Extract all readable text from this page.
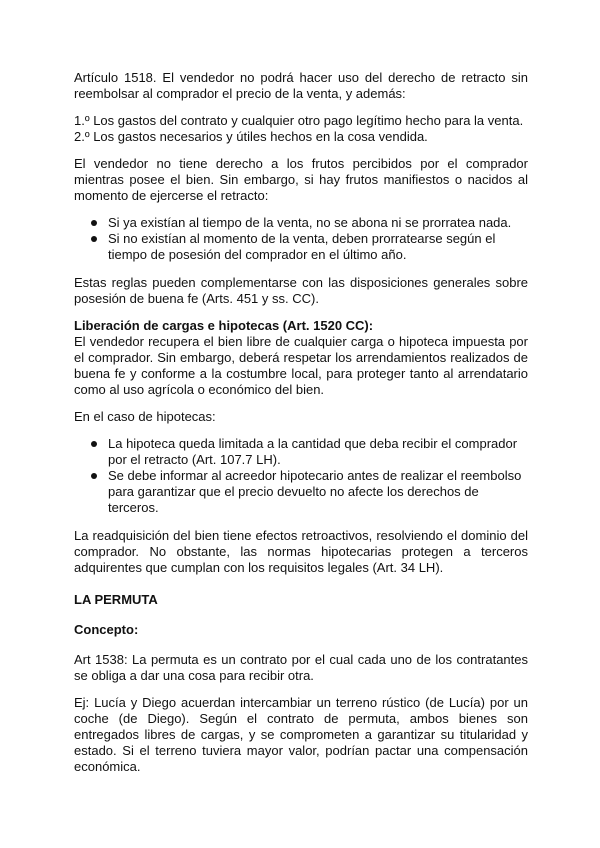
Artículo 1518. El vendedor no podrá hacer uso del derecho de retracto sin reembolsar al comprador el precio de la venta, y además:

1.º Los gastos del contrato y cualquier otro pago legítimo hecho para la venta.
2.º Los gastos necesarios y útiles hechos en la cosa vendida.

El vendedor no tiene derecho a los frutos percibidos por el comprador mientras posee el bien. Sin embargo, si hay frutos manifiestos o nacidos al momento de ejercerse el retracto:

Si ya existían al tiempo de la venta, no se abona ni se prorratea nada.
Si no existían al momento de la venta, deben prorratearse según el tiempo de posesión del comprador en el último año.

Estas reglas pueden complementarse con las disposiciones generales sobre posesión de buena fe (Arts. 451 y ss. CC).

Liberación de cargas e hipotecas (Art. 1520 CC):

El vendedor recupera el bien libre de cualquier carga o hipoteca impuesta por el comprador. Sin embargo, deberá respetar los arrendamientos realizados de buena fe y conforme a la costumbre local, para proteger tanto al arrendatario como al uso agrícola o económico del bien.

En el caso de hipotecas:

La hipoteca queda limitada a la cantidad que deba recibir el comprador por el retracto (Art. 107.7 LH).
Se debe informar al acreedor hipotecario antes de realizar el reembolso para garantizar que el precio devuelto no afecte los derechos de terceros.

La readquisición del bien tiene efectos retroactivos, resolviendo el dominio del comprador. No obstante, las normas hipotecarias protegen a terceros adquirentes que cumplan con los requisitos legales (Art. 34 LH).

LA PERMUTA

Concepto:

Art 1538: La permuta es un contrato por el cual cada uno de los contratantes se obliga a dar una cosa para recibir otra.

Ej: Lucía y Diego acuerdan intercambiar un terreno rústico (de Lucía) por un coche (de Diego). Según el contrato de permuta, ambos bienes son entregados libres de cargas, y se comprometen a garantizar su titularidad y estado. Si el terreno tuviera mayor valor, podrían pactar una compensación económica.
